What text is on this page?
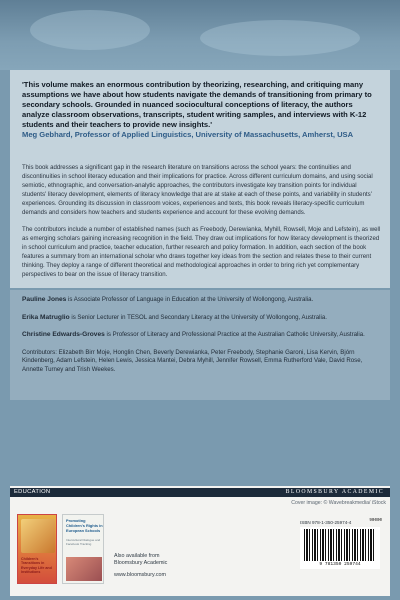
'This volume makes an enormous contribution by theorizing, researching, and critiquing many assumptions we have about how students navigate the demands of transitioning from primary to secondary schools. Grounded in nuanced sociocultural conceptions of literacy, the authors analyze classroom observations, transcripts, student writing samples, and interviews with K-12 students and their teachers to provide new insights.'
Meg Gebhard, Professor of Applied Linguistics, University of Massachusetts, Amherst, USA

This book addresses a significant gap in the research literature on transitions across the school years: the continuities and discontinuities in school literacy education and their implications for practice. Across different curriculum domains, and using social semiotic, ethnographic, and conversation-analytic approaches, the contributors investigate key transition points for individual students' literacy development, elements of literacy knowledge that are at stake at each of these points, and variability in students' experiences. Grounding its discussion in classroom voices, experiences and texts, this book reveals literacy-specific curriculum demands and considers how teachers and students experience and account for these evolving demands.

The contributors include a number of established names (such as Freebody, Derewianka, Myhill, Rowsell, Moje and Lefstein), as well as emerging scholars gaining increasing recognition in the field. They draw out implications for how literacy development is theorized in school curriculum and practice, teacher education, further research and policy formation. In addition, each section of the book features a summary from an international scholar who draws together key ideas from the section and relates these to their current thinking. They deploy a range of different theoretical and methodological approaches in order to bring rich yet complementary perspectives to bear on the issue of literacy transition.

Pauline Jones is Associate Professor of Language in Education at the University of Wollongong, Australia.
Erika Matruglio is Senior Lecturer in TESOL and Secondary Literacy at the University of Wollongong, Australia.
Christine Edwards-Groves is Professor of Literacy and Professional Practice at the Australian Catholic University, Australia.
Contributors: Elizabeth Birr Moje, Honglin Chen, Beverly Derewianka, Peter Freebody, Stephanie Garoni, Lisa Kervin, Bjórn Kindenberg, Adam Lefstein, Helen Lewis, Jessica Mantei, Debra Myhill, Jennifer Rowsell, Emma Rutherford Vale, David Rose, Annette Turney and Trish Weekes.
EDUCATION	BLOOMSBURY ACADEMIC
Cover image: © Wavebreakmedia/ iStock
Children's Transitions in Everyday Life and Institutions
Promoting Children's Rights in European Schools
Intercultural Dialogue and Facebook Tracking
Also available from
Bloomsbury Academic
www.bloomsbury.com
ISBN 978-1-350-25974-4
9 781350 259744
90000
